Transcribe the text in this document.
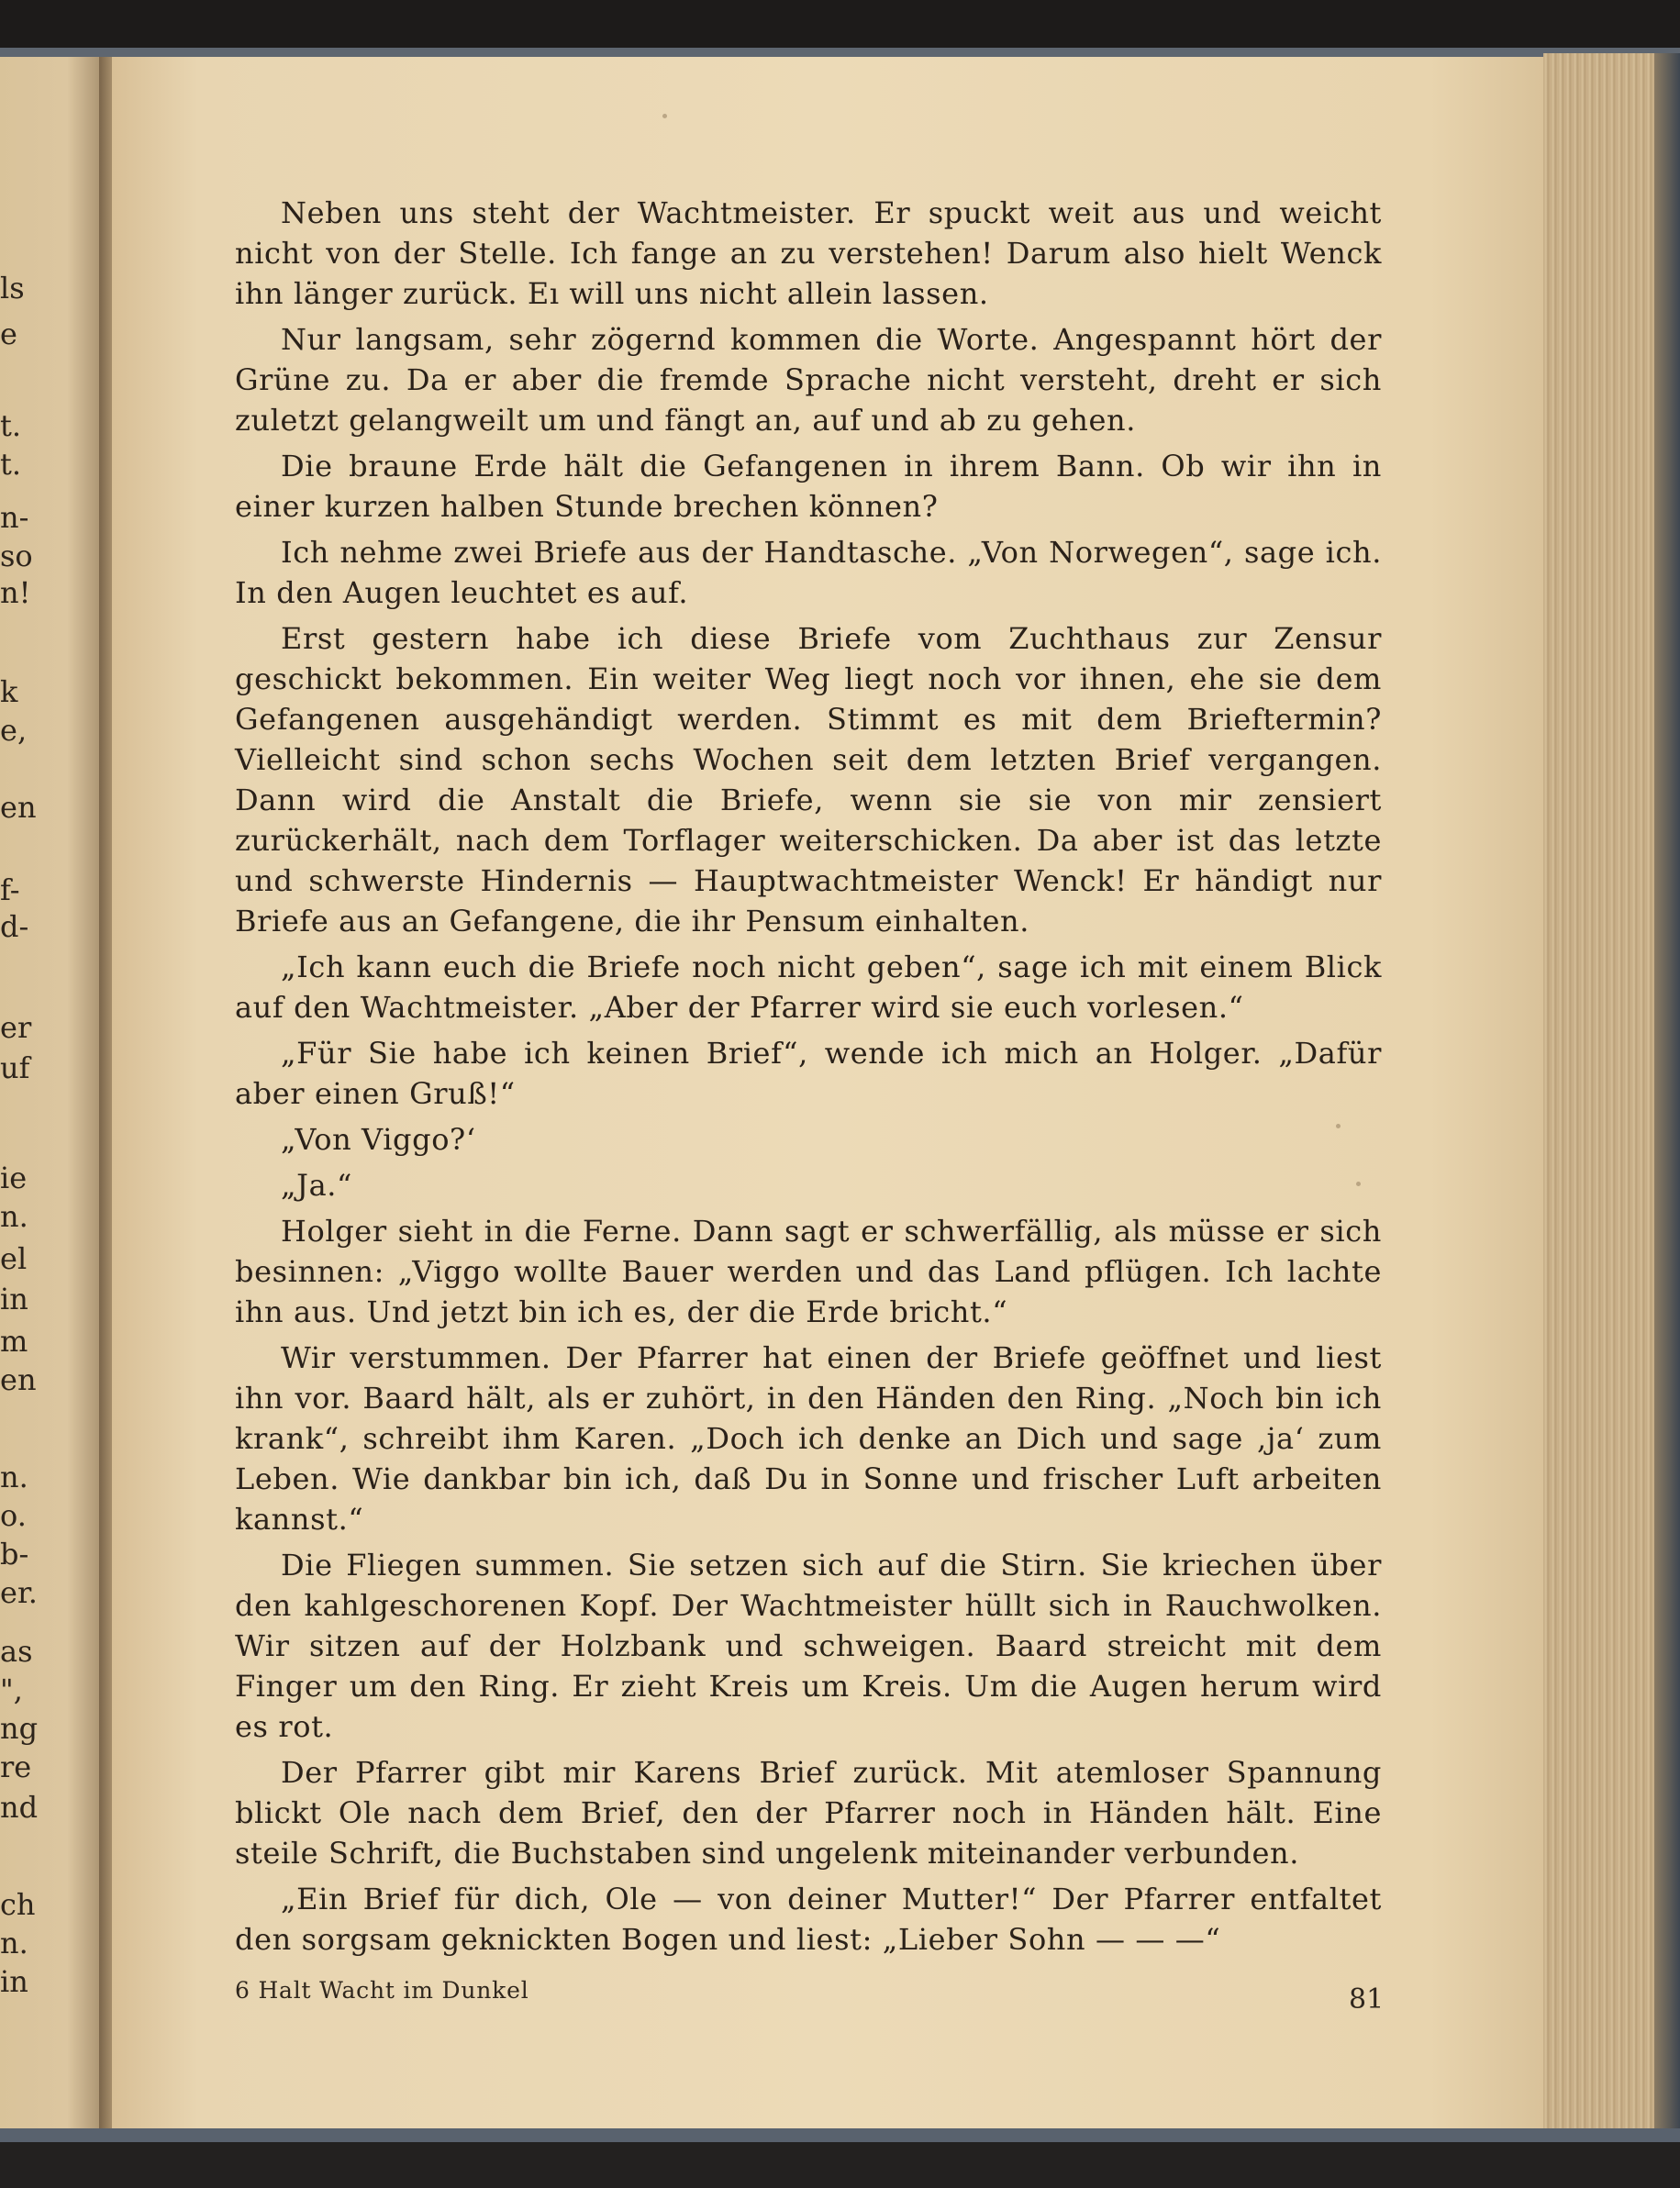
ls
e
t.
t.
n-
so
n!
k
e,
en
f-
d-
er
uf
ie
n.
el
in
m
en
n.
o.
b-
er.
as
",
ng
re
nd
ch
n.
in

Neben uns steht der Wachtmeister. Er spuckt weit aus und weicht nicht von der Stelle. Ich fange an zu verstehen! Darum also hielt Wenck ihn länger zurück. Eı will uns nicht allein lassen.

Nur langsam, sehr zögernd kommen die Worte. Angespannt hört der Grüne zu. Da er aber die fremde Sprache nicht versteht, dreht er sich zuletzt gelangweilt um und fängt an, auf und ab zu gehen.

Die braune Erde hält die Gefangenen in ihrem Bann. Ob wir ihn in einer kurzen halben Stunde brechen können?

Ich nehme zwei Briefe aus der Handtasche. „Von Norwegen“, sage ich. In den Augen leuchtet es auf.

Erst gestern habe ich diese Briefe vom Zuchthaus zur Zensur geschickt bekommen. Ein weiter Weg liegt noch vor ihnen, ehe sie dem Gefangenen ausgehändigt werden. Stimmt es mit dem Brieftermin? Vielleicht sind schon sechs Wochen seit dem letzten Brief vergangen. Dann wird die Anstalt die Briefe, wenn sie sie von mir zensiert zurückerhält, nach dem Torflager weiterschicken. Da aber ist das letzte und schwerste Hindernis — Hauptwachtmeister Wenck! Er händigt nur Briefe aus an Gefangene, die ihr Pensum einhalten.

„Ich kann euch die Briefe noch nicht geben“, sage ich mit einem Blick auf den Wachtmeister. „Aber der Pfarrer wird sie euch vorlesen.“

„Für Sie habe ich keinen Brief“, wende ich mich an Holger. „Dafür aber einen Gruß!“

„Von Viggo?‘

„Ja.“

Holger sieht in die Ferne. Dann sagt er schwerfällig, als müsse er sich besinnen: „Viggo wollte Bauer werden und das Land pflügen. Ich lachte ihn aus. Und jetzt bin ich es, der die Erde bricht.“

Wir verstummen. Der Pfarrer hat einen der Briefe geöffnet und liest ihn vor. Baard hält, als er zuhört, in den Händen den Ring. „Noch bin ich krank“, schreibt ihm Karen. „Doch ich denke an Dich und sage ‚ja‘ zum Leben. Wie dankbar bin ich, daß Du in Sonne und frischer Luft arbeiten kannst.“

Die Fliegen summen. Sie setzen sich auf die Stirn. Sie kriechen über den kahlgeschorenen Kopf. Der Wachtmeister hüllt sich in Rauchwolken. Wir sitzen auf der Holzbank und schweigen. Baard streicht mit dem Finger um den Ring. Er zieht Kreis um Kreis. Um die Augen herum wird es rot.

Der Pfarrer gibt mir Karens Brief zurück. Mit atemloser Spannung blickt Ole nach dem Brief, den der Pfarrer noch in Händen hält. Eine steile Schrift, die Buchstaben sind ungelenk miteinander verbunden.

„Ein Brief für dich, Ole — von deiner Mutter!“ Der Pfarrer entfaltet den sorgsam geknickten Bogen und liest: „Lieber Sohn — — —“

6 Halt Wacht im Dunkel	81
